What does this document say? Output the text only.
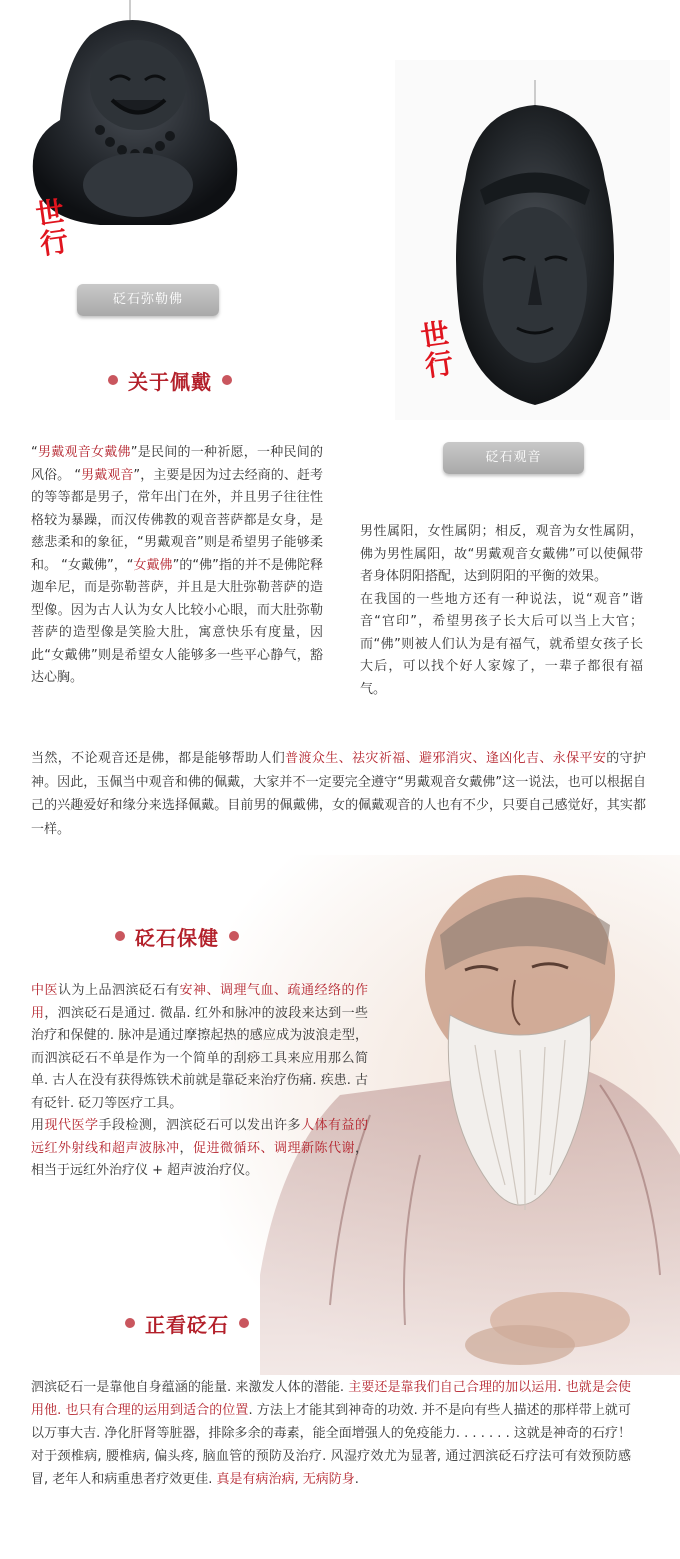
世
行
砭石弥勒佛
世
行
砭石观音
关于佩戴
“男戴观音女戴佛”是民间的一种祈愿，一种民间的风俗。 “男戴观音”，主要是因为过去经商的、赶考的等等都是男子，常年出门在外，并且男子往往性格较为暴躁，而汉传佛教的观音菩萨都是女身，是慈悲柔和的象征，“男戴观音”则是希望男子能够柔和。 “女戴佛”，“女戴佛”的“佛”指的并不是佛陀释迦牟尼，而是弥勒菩萨，并且是大肚弥勒菩萨的造型像。因为古人认为女人比较小心眼，而大肚弥勒菩萨的造型像是笑脸大肚，寓意快乐有度量，因此“女戴佛”则是希望女人能够多一些平心静气，豁达心胸。
男性属阳，女性属阴；相反，观音为女性属阴，佛为男性属阳，故“男戴观音女戴佛”可以使佩带者身体阴阳搭配，达到阴阳的平衡的效果。
在我国的一些地方还有一种说法，说“观音”谐音“官印”，希望男孩子长大后可以当上大官；而“佛”则被人们认为是有福气，就希望女孩子长大后，可以找个好人家嫁了，一辈子都很有福气。
当然，不论观音还是佛，都是能够帮助人们普渡众生、祛灾祈福、避邪消灾、逢凶化吉、永保平安的守护神。因此，玉佩当中观音和佛的佩戴，大家并不一定要完全遵守“男戴观音女戴佛”这一说法，也可以根据自己的兴趣爱好和缘分来选择佩戴。目前男的佩戴佛，女的佩戴观音的人也有不少，只要自己感觉好，其实都一样。
砭石保健
中医认为上品泗滨砭石有安神、调理气血、疏通经络的作用，泗滨砭石是通过. 微晶. 红外和脉冲的波段来达到一些治疗和保健的. 脉冲是通过摩擦起热的感应成为波浪走型，而泗滨砭石不单是作为一个简单的刮痧工具来应用那么简单. 古人在没有获得炼铁术前就是靠砭来治疗伤痛. 疾患. 古有砭针. 砭刀等医疗工具。
用现代医学手段检测，泗滨砭石可以发出许多人体有益的远红外射线和超声波脉冲，促进微循环、调理新陈代谢，相当于远红外治疗仪 + 超声波治疗仪。
正看砭石
泗滨砭石一是靠他自身蕴涵的能量. 来激发人体的潜能. 主要还是靠我们自己合理的加以运用. 也就是会使用他. 也只有合理的运用到适合的位置. 方法上才能其到神奇的功效. 并不是向有些人描述的那样带上就可以万事大吉. 净化肝肾等脏器，排除多余的毒素，能全面增强人的免疫能力. . . . . . . 这就是神奇的石疗！对于颈椎病, 腰椎病, 偏头疼, 脑血管的预防及治疗. 风湿疗效尤为显著, 通过泗滨砭石疗法可有效预防感冒, 老年人和病重患者疗效更佳. 真是有病治病, 无病防身.
